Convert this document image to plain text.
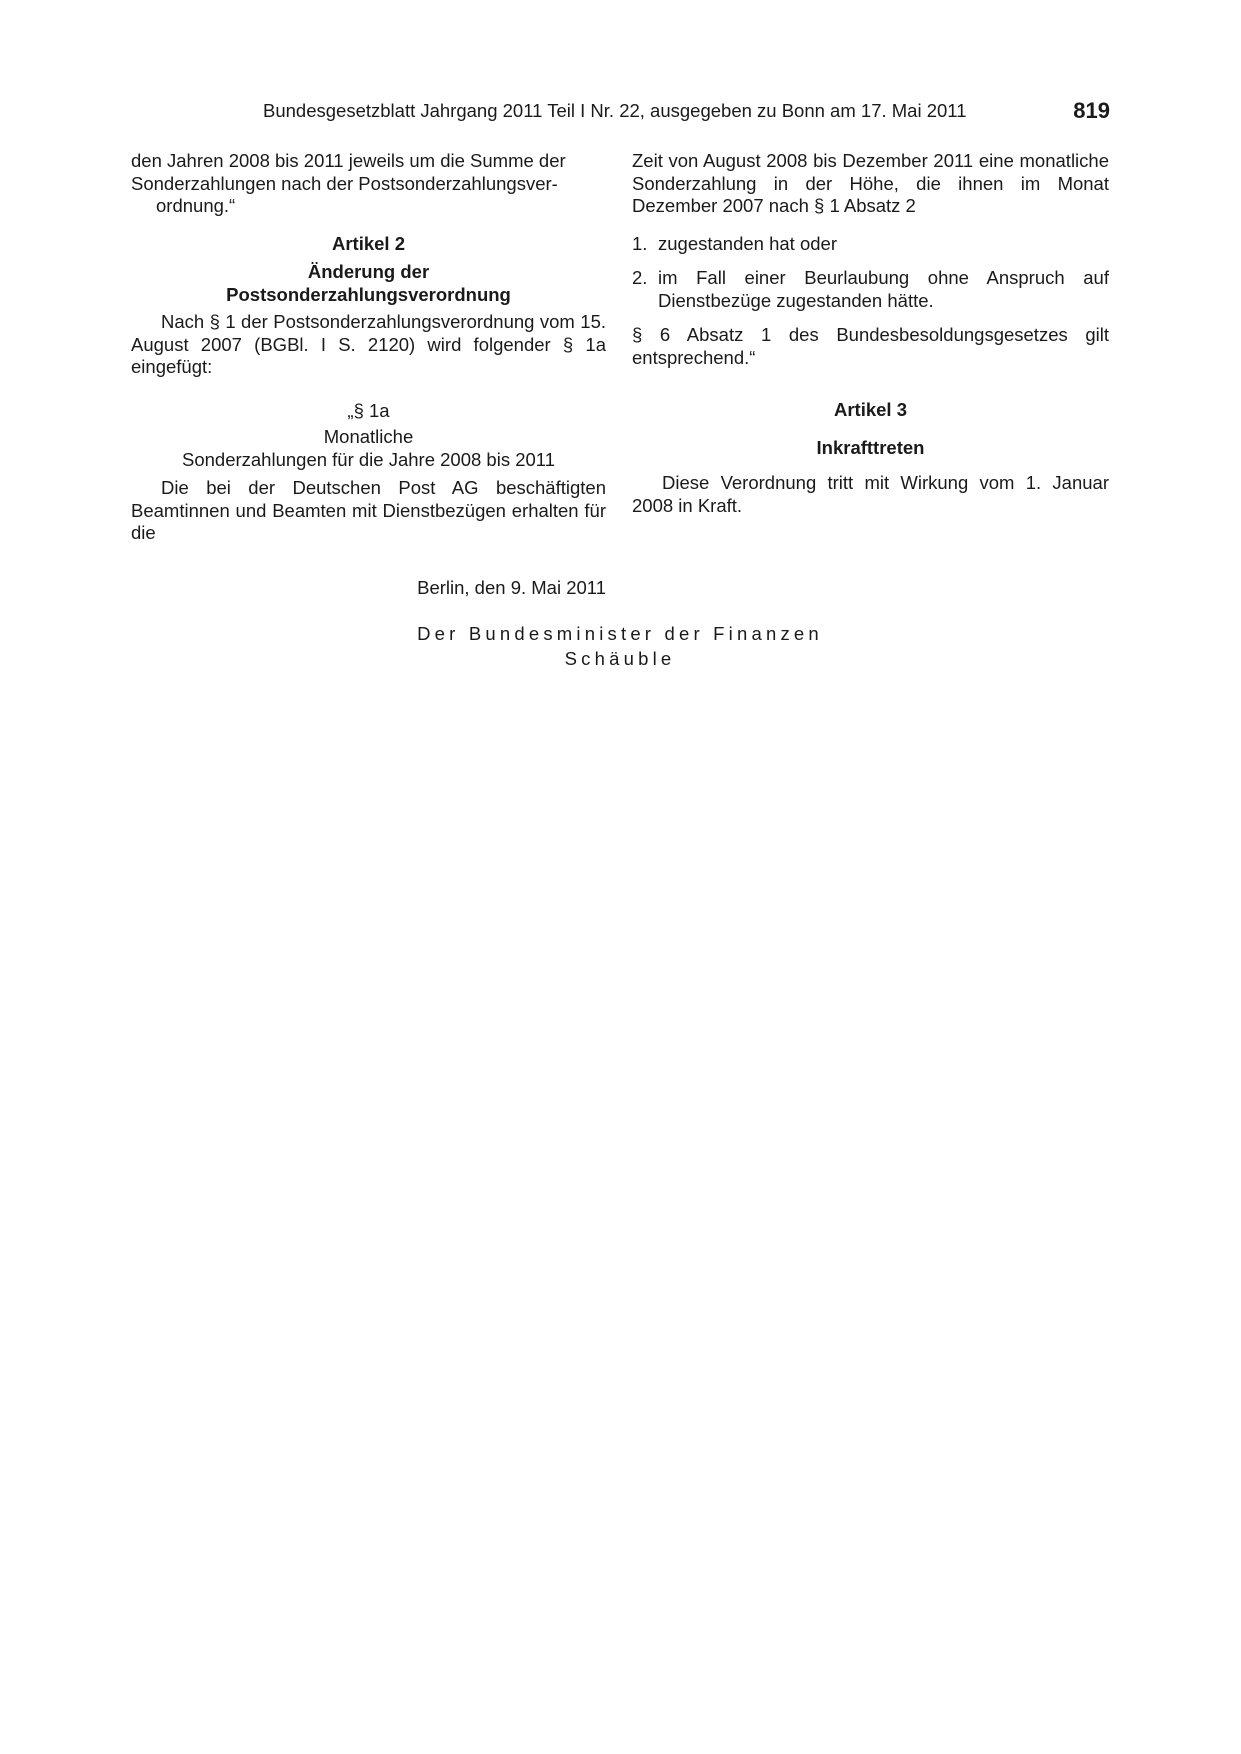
Bundesgesetzblatt Jahrgang 2011 Teil I Nr. 22, ausgegeben zu Bonn am 17. Mai 2011	819
den Jahren 2008 bis 2011 jeweils um die Summe der
Sonderzahlungen nach der Postsonderzahlungsver-
ordnung.“
Artikel 2
Änderung der
Postsonderzahlungsverordnung

Nach § 1 der Postsonderzahlungsverordnung vom 15. August 2007 (BGBl. I S. 2120) wird folgender § 1a eingefügt:

„§ 1a
Monatliche
Sonderzahlungen für die Jahre 2008 bis 2011

Die bei der Deutschen Post AG beschäftigten Beamtinnen und Beamten mit Dienstbezügen erhalten für die

Zeit von August 2008 bis Dezember 2011 eine monatliche Sonderzahlung in der Höhe, die ihnen im Monat Dezember 2007 nach § 1 Absatz 2

1. zugestanden hat oder
2. im Fall einer Beurlaubung ohne Anspruch auf Dienstbezüge zugestanden hätte.

§ 6 Absatz 1 des Bundesbesoldungsgesetzes gilt entsprechend.“

Artikel 3
Inkrafttreten

Diese Verordnung tritt mit Wirkung vom 1. Januar 2008 in Kraft.

Berlin, den 9. Mai 2011
Der Bundesminister der Finanzen
Schäuble
